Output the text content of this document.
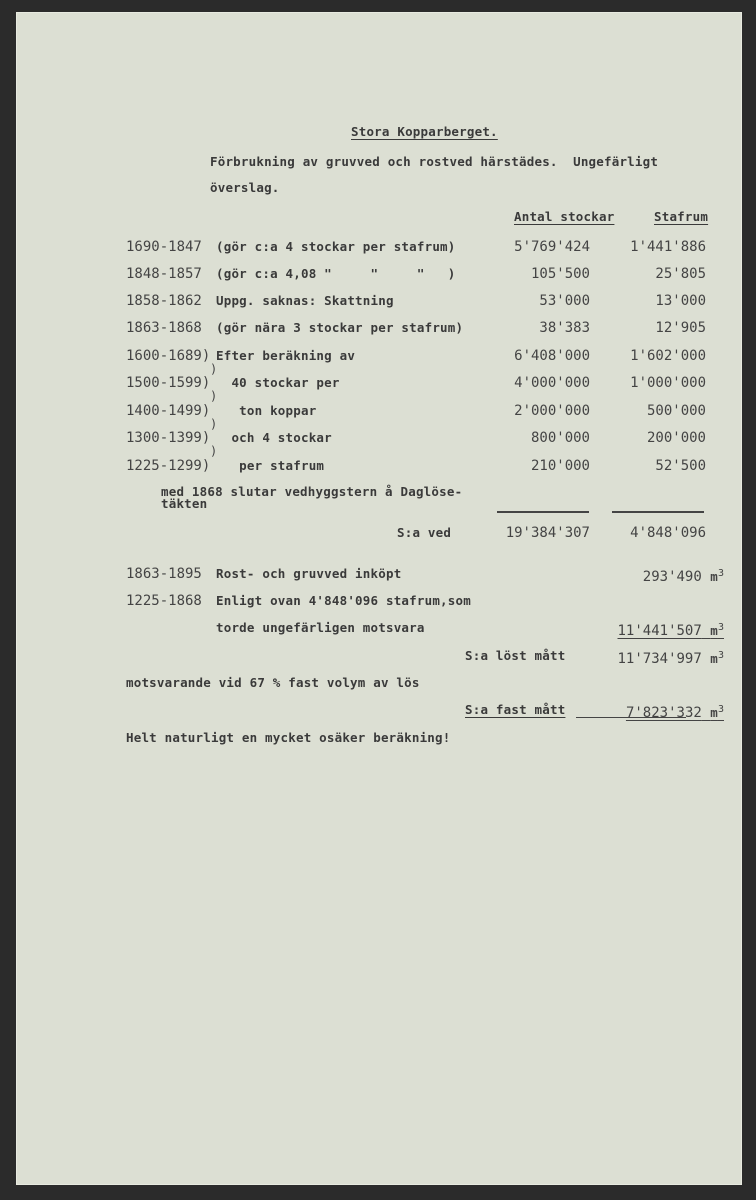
Stora Kopparberget.
Förbrukning av gruvved och rostved härstädes.  Ungefärligt
överslag.
Antal stockar	Stafrum
1690-1847 (gör c:a 4 stockar per stafrum)	5'769'424	1'441'886
1848-1857 (gör c:a 4,08 "     "     "   )	105'500	25'805
1858-1862 Uppg. saknas: Skattning	53'000	13'000
1863-1868 (gör nära 3 stockar per stafrum)	38'383	12'905
1600-1689) Efter beräkning av	6'408'000	1'602'000
)
1500-1599) 40 stockar per	4'000'000	1'000'000
)
1400-1499) ton koppar	2'000'000	500'000
)
1300-1399) och 4 stockar	800'000	200'000
)
1225-1299) per stafrum	210'000	52'500
med 1868 slutar vedhyggstern å Daglöse-
täkten
S:a ved	19'384'307	4'848'096
1863-1895 Rost- och gruvved inköpt	293'490 $m^3$
1225-1868 Enligt ovan 4'848'096 stafrum,som
torde ungefärligen motsvara	11'441'507 $m^3$
S:a löst mått	11'734'997 $m^3$
motsvarande vid 67 % fast volym av lös
S:a fast mått	7'823'332 $m^3$
Helt naturligt en mycket osäker beräkning!
